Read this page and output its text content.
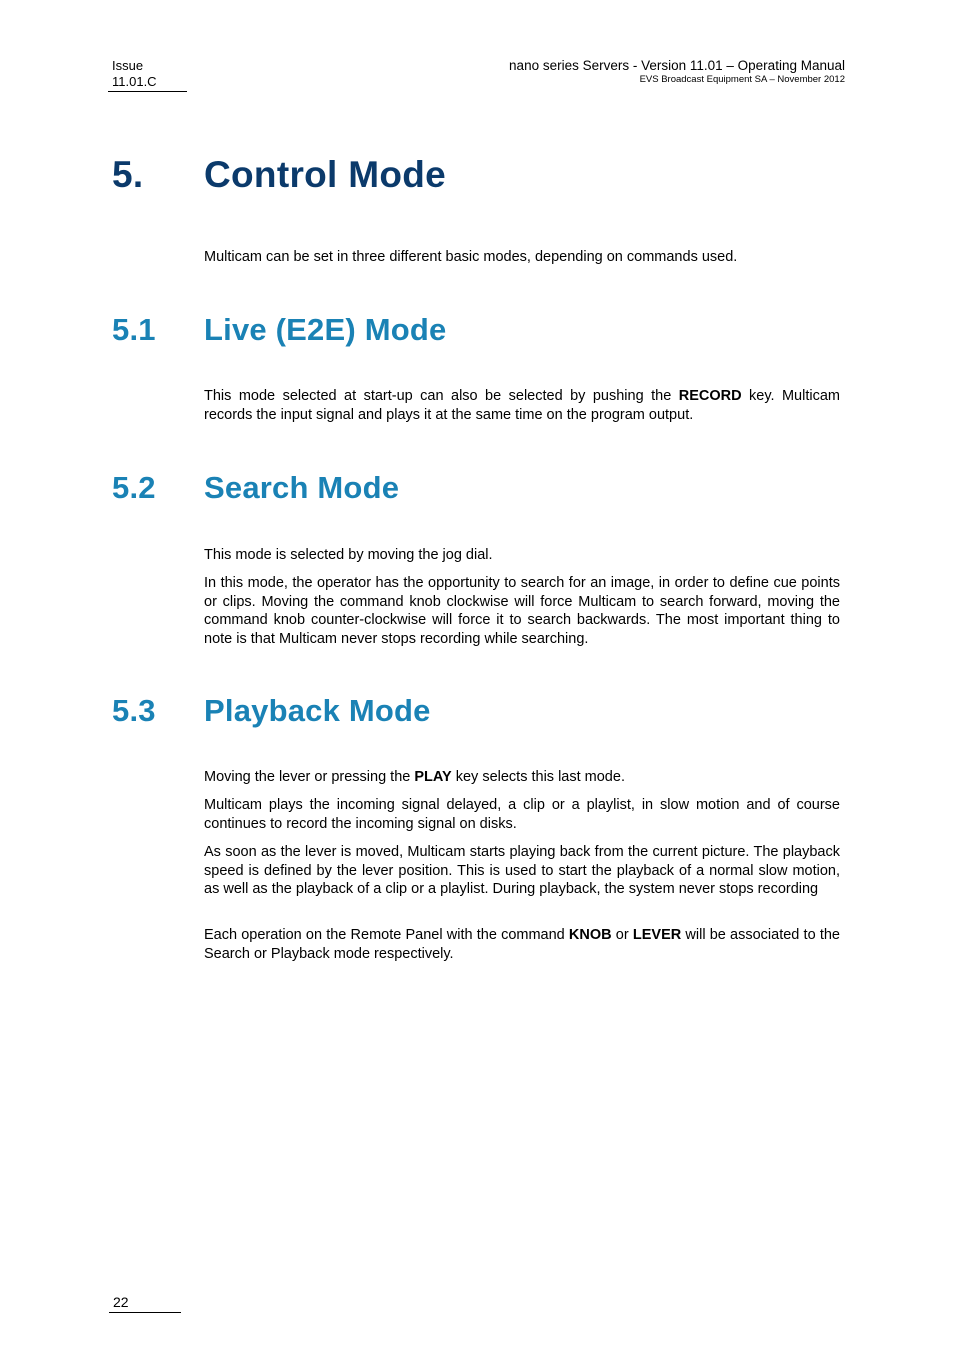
Issue
11.01.C
nano series Servers - Version 11.01 – Operating Manual
EVS Broadcast Equipment SA – November 2012
5. Control Mode

Multicam can be set in three different basic modes, depending on commands used.

5.1 Live (E2E) Mode

This mode selected at start-up can also be selected by pushing the RECORD key. Multicam records the input signal and plays it at the same time on the program output.

5.2 Search Mode

This mode is selected by moving the jog dial.

In this mode, the operator has the opportunity to search for an image, in order to define cue points or clips. Moving the command knob clockwise will force Multicam to search forward, moving the command knob counter-clockwise will force it to search backwards. The most important thing to note is that Multicam never stops recording while searching.

5.3 Playback Mode

Moving the lever or pressing the PLAY key selects this last mode.

Multicam plays the incoming signal delayed, a clip or a playlist, in slow motion and of course continues to record the incoming signal on disks.

As soon as the lever is moved, Multicam starts playing back from the current picture. The playback speed is defined by the lever position. This is used to start the playback of a normal slow motion, as well as the playback of a clip or a playlist. During playback, the system never stops recording

Each operation on the Remote Panel with the command KNOB or LEVER will be associated to the Search or Playback mode respectively.

22
